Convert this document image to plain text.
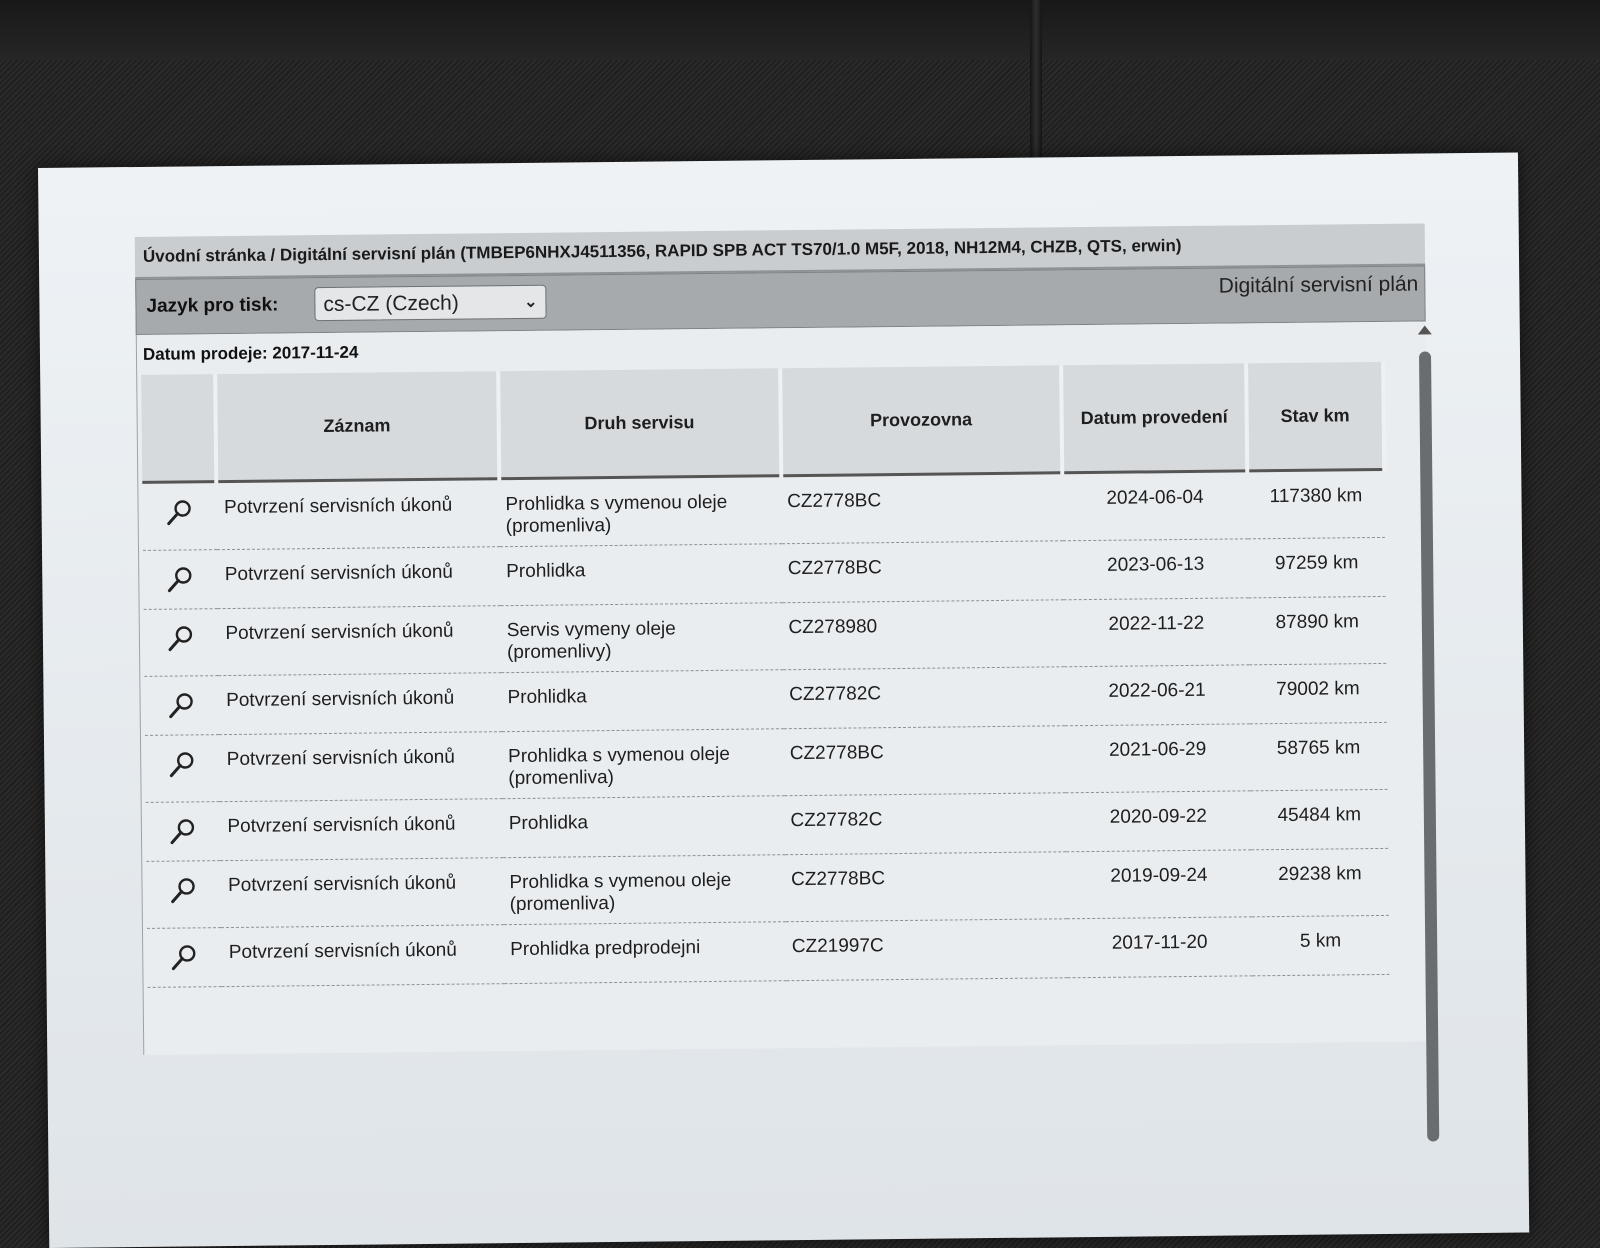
Úvodní stránka / Digitální servisní plán (TMBEP6NHXJ4511356, RAPID SPB ACT TS70/1.0 M5F, 2018, NH12M4, CHZB, QTS, erwin)
Jazyk pro tisk:	cs-CZ (Czech)	⌄
Digitální servisní plán
Datum prodeje: 2017-11-24
	Záznam	Druh servisu	Provozovna	Datum provedení	Stav km
	Potvrzení servisních úkonů	Prohlidka s vymenou oleje (promenliva)	CZ2778BC	2024-06-04	117380 km
	Potvrzení servisních úkonů	Prohlidka	CZ2778BC	2023-06-13	97259 km
	Potvrzení servisních úkonů	Servis vymeny oleje (promenlivy)	CZ278980	2022-11-22	87890 km
	Potvrzení servisních úkonů	Prohlidka	CZ27782C	2022-06-21	79002 km
	Potvrzení servisních úkonů	Prohlidka s vymenou oleje (promenliva)	CZ2778BC	2021-06-29	58765 km
	Potvrzení servisních úkonů	Prohlidka	CZ27782C	2020-09-22	45484 km
	Potvrzení servisních úkonů	Prohlidka s vymenou oleje (promenliva)	CZ2778BC	2019-09-24	29238 km
	Potvrzení servisních úkonů	Prohlidka predprodejni	CZ21997C	2017-11-20	5 km
